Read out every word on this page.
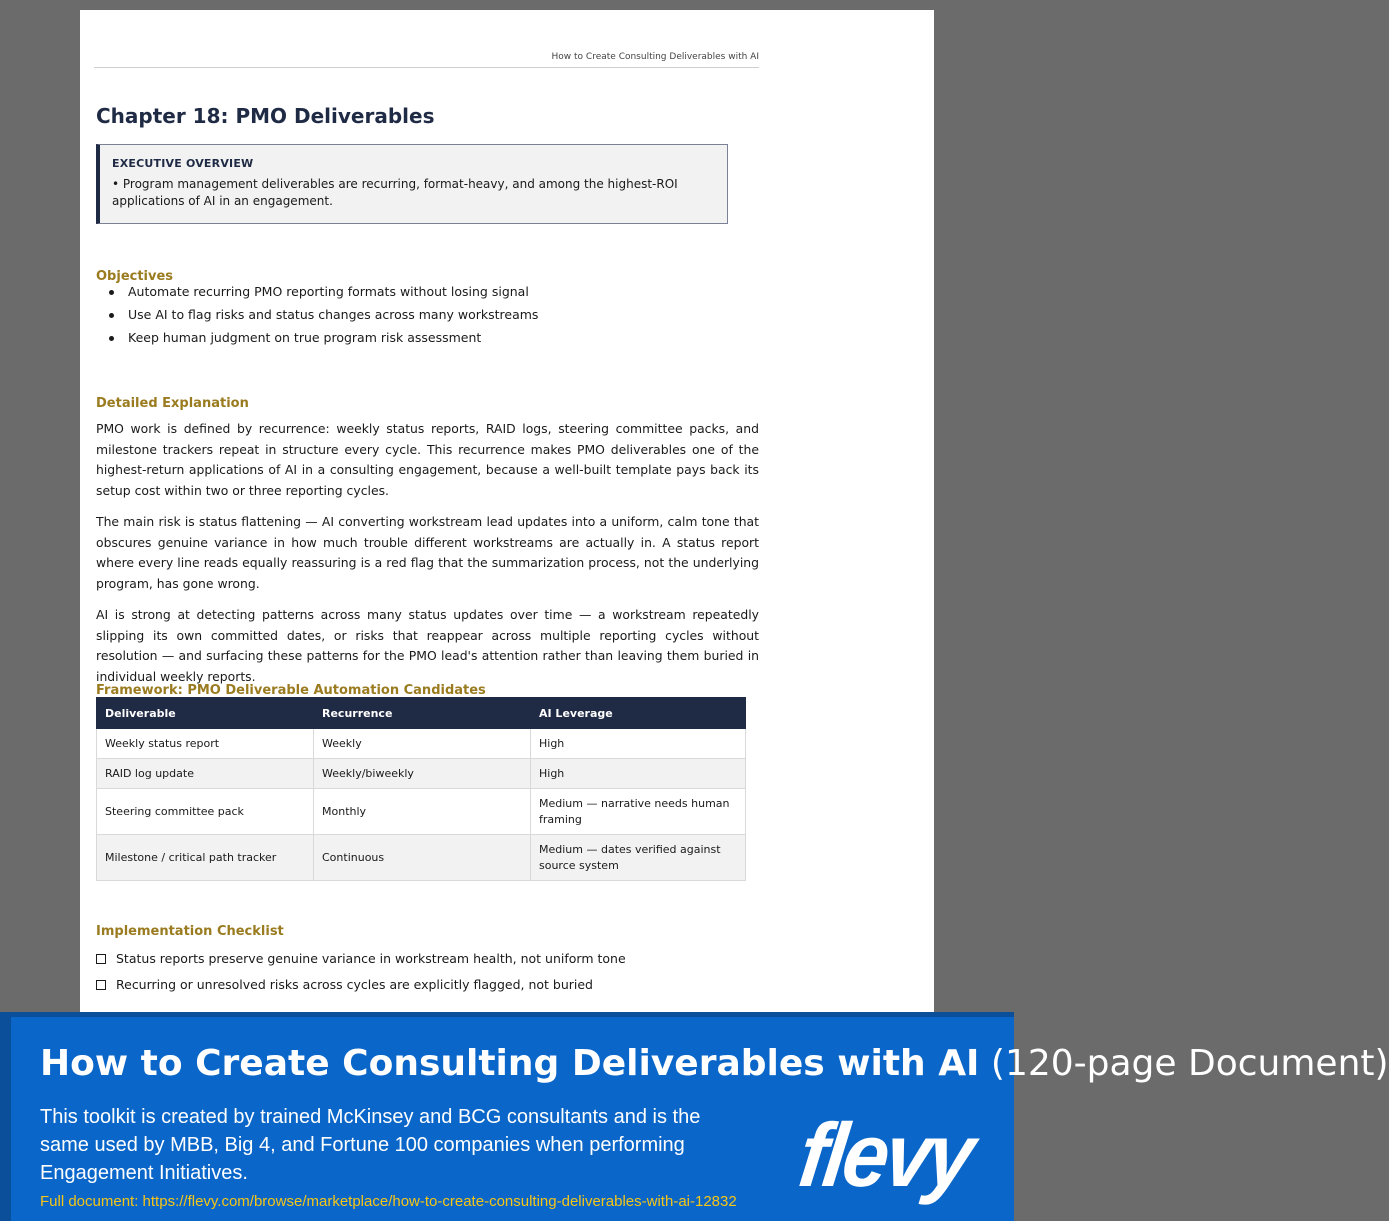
How to Create Consulting Deliverables with AI
Chapter 18: PMO Deliverables
EXECUTIVE OVERVIEW
• Program management deliverables are recurring, format-heavy, and among the highest-ROI applications of AI in an engagement.
Objectives
Automate recurring PMO reporting formats without losing signal
Use AI to flag risks and status changes across many workstreams
Keep human judgment on true program risk assessment
Detailed Explanation

PMO work is defined by recurrence: weekly status reports, RAID logs, steering committee packs, and milestone trackers repeat in structure every cycle. This recurrence makes PMO deliverables one of the highest-return applications of AI in a consulting engagement, because a well-built template pays back its setup cost within two or three reporting cycles.

The main risk is status flattening — AI converting workstream lead updates into a uniform, calm tone that obscures genuine variance in how much trouble different workstreams are actually in. A status report where every line reads equally reassuring is a red flag that the summarization process, not the underlying program, has gone wrong.

AI is strong at detecting patterns across many status updates over time — a workstream repeatedly slipping its own committed dates, or risks that reappear across multiple reporting cycles without resolution — and surfacing these patterns for the PMO lead's attention rather than leaving them buried in individual weekly reports.

Framework: PMO Deliverable Automation Candidates
Deliverable	Recurrence	AI Leverage
Weekly status report	Weekly	High
RAID log update	Weekly/biweekly	High
Steering committee pack	Monthly	Medium — narrative needs human framing
Milestone / critical path tracker	Continuous	Medium — dates verified against source system
Implementation Checklist
Status reports preserve genuine variance in workstream health, not uniform tone
Recurring or unresolved risks across cycles are explicitly flagged, not buried
How to Create Consulting Deliverables with AI (120-page Document)
This toolkit is created by trained McKinsey and BCG consultants and is the same used by MBB, Big 4, and Fortune 100 companies when performing Engagement Initiatives.
Full document: https://flevy.com/browse/marketplace/how-to-create-consulting-deliverables-with-ai-12832 flevy
